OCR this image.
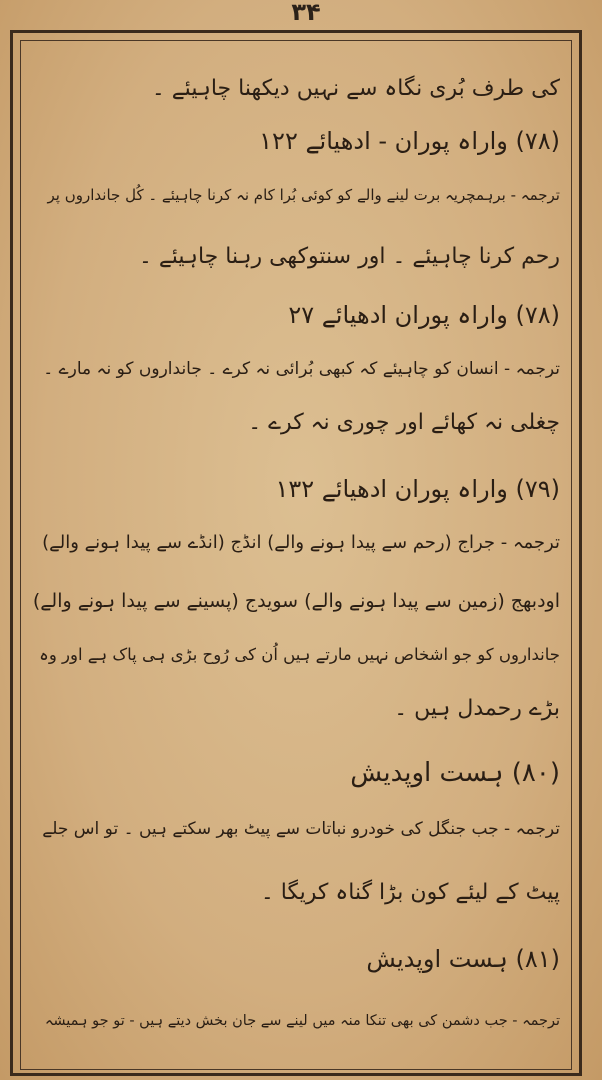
۳۴
کی طرف بُری نگاہ سے نہیں دیکھنا چاہیئے ۔
(۷۸) واراہ پوران - ادھیائے ۱۲۲
ترجمہ - برہمچریہ برت لینے والے کو کوئی بُرا کام نہ کرنا چاہیئے ۔ کُل جانداروں پر
رحم کرنا چاہیئے ۔ اور سنتوکھی رہنا چاہیئے ۔
(۷۸) واراہ پوران ادھیائے ۲۷
ترجمہ - انسان کو چاہیئے کہ کبھی بُرائی نہ کرے ۔ جانداروں کو نہ مارے ۔
چغلی نہ کھائے اور چوری نہ کرے ۔
(۷۹) واراہ پوران ادھیائے ۱۳۲
ترجمہ - جراج (رحم سے پیدا ہونے والے) انڈج (انڈے سے پیدا ہونے والے)
اودبھج (زمین سے پیدا ہونے والے) سویدج (پسینے سے پیدا ہونے والے)
جانداروں کو جو اشخاص نہیں مارتے ہیں اُن کی رُوح بڑی ہی پاک ہے اور وہ
بڑے رحمدل ہیں ۔
(۸۰) ہست اوپدیش
ترجمہ - جب جنگل کی خودرو نباتات سے پیٹ بھر سکتے ہیں ۔ تو اس جلے
پیٹ کے لیئے کون بڑا گناہ کریگا ۔
(۸۱) ہست اوپدیش
ترجمہ - جب دشمن کی بھی تنکا منہ میں لینے سے جان بخش دیتے ہیں - تو جو ہمیشہ
